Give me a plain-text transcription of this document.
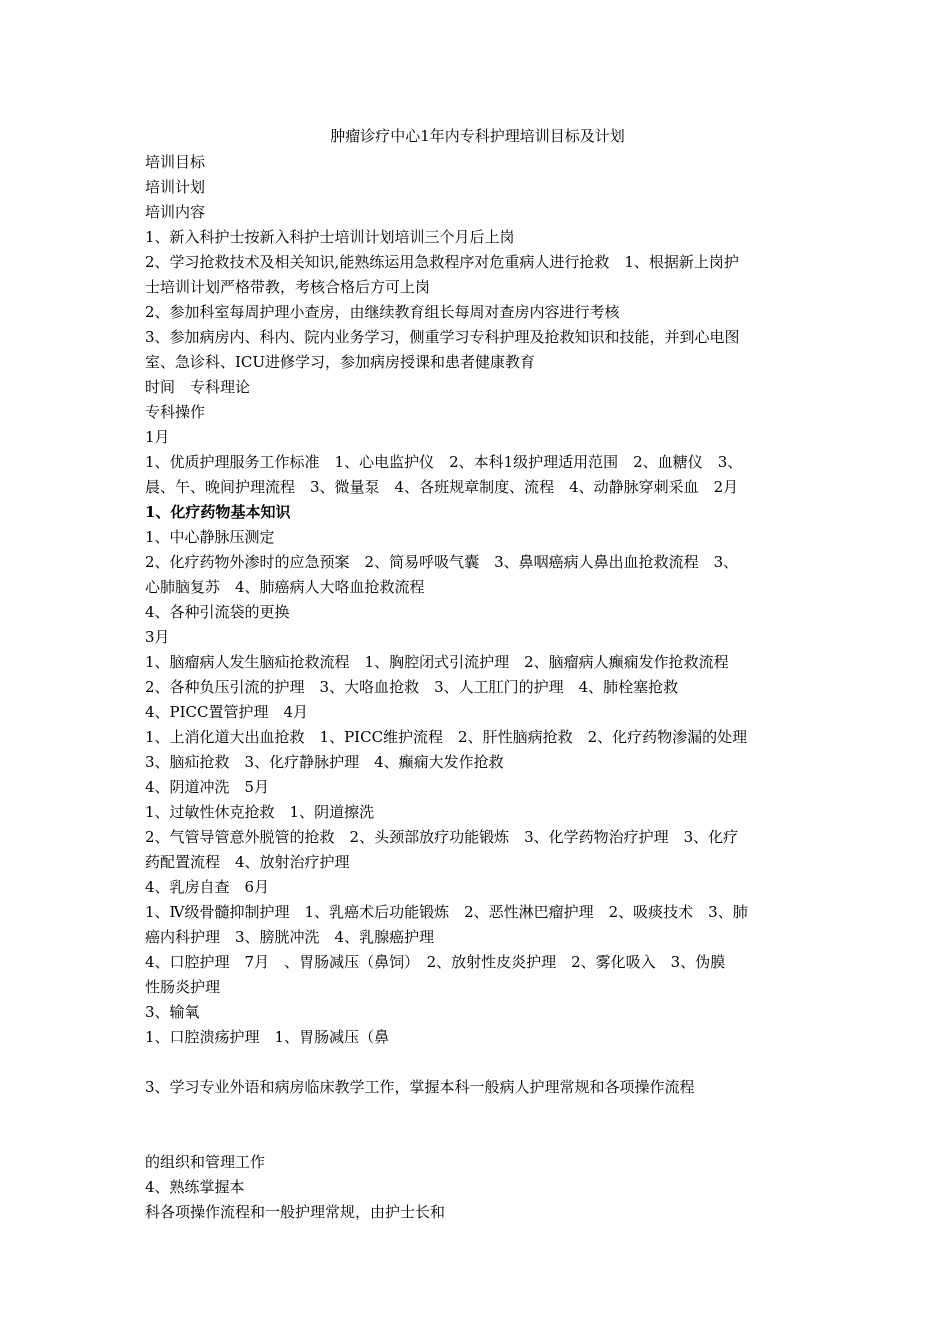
肿瘤诊疗中心1年内专科护理培训目标及计划

培训目标

培训计划

培训内容

1、新入科护士按新入科护士培训计划培训三个月后上岗

2、学习抢救技术及相关知识,能熟练运用急救程序对危重病人进行抢救　1、根据新上岗护

士培训计划严格带教，考核合格后方可上岗

2、参加科室每周护理小查房，由继续教育组长每周对查房内容进行考核

3、参加病房内、科内、院内业务学习，侧重学习专科护理及抢救知识和技能，并到心电图

室、急诊科、ICU进修学习，参加病房授课和患者健康教育

时间　专科理论

专科操作

1月

1、优质护理服务工作标准　1、心电监护仪　2、本科1级护理适用范围　2、血糖仪　3、

晨、午、晚间护理流程　3、微量泵　4、各班规章制度、流程　4、动静脉穿刺采血　2月

1、化疗药物基本知识

1、中心静脉压测定

2、化疗药物外渗时的应急预案　2、简易呼吸气囊　3、鼻咽癌病人鼻出血抢救流程　3、

心肺脑复苏　4、肺癌病人大咯血抢救流程

4、各种引流袋的更换

3月

1、脑瘤病人发生脑疝抢救流程　1、胸腔闭式引流护理　2、脑瘤病人癫痫发作抢救流程

2、各种负压引流的护理　3、大咯血抢救　3、人工肛门的护理　4、肺栓塞抢救

4、PICC置管护理　4月

1、上消化道大出血抢救　1、PICC维护流程　2、肝性脑病抢救　2、化疗药物渗漏的处理

3、脑疝抢救　3、化疗静脉护理　4、癫痫大发作抢救

4、阴道冲洗　5月

1、过敏性休克抢救　1、阴道擦洗

2、气管导管意外脱管的抢救　2、头颈部放疗功能锻炼　3、化学药物治疗护理　3、化疗

药配置流程　4、放射治疗护理

4、乳房自查　6月

1、Ⅳ级骨髓抑制护理　1、乳癌术后功能锻炼　2、恶性淋巴瘤护理　2、吸痰技术　3、肺

癌内科护理　3、膀胱冲洗　4、乳腺癌护理

4、口腔护理　7月　、胃肠减压（鼻饲）　2、放射性皮炎护理　2、雾化吸入　3、伪膜

性肠炎护理

3、输氧

1、口腔溃疡护理　1、胃肠减压（鼻

3、学习专业外语和病房临床教学工作，掌握本科一般病人护理常规和各项操作流程

的组织和管理工作

4、熟练掌握本

科各项操作流程和一般护理常规，由护士长和
